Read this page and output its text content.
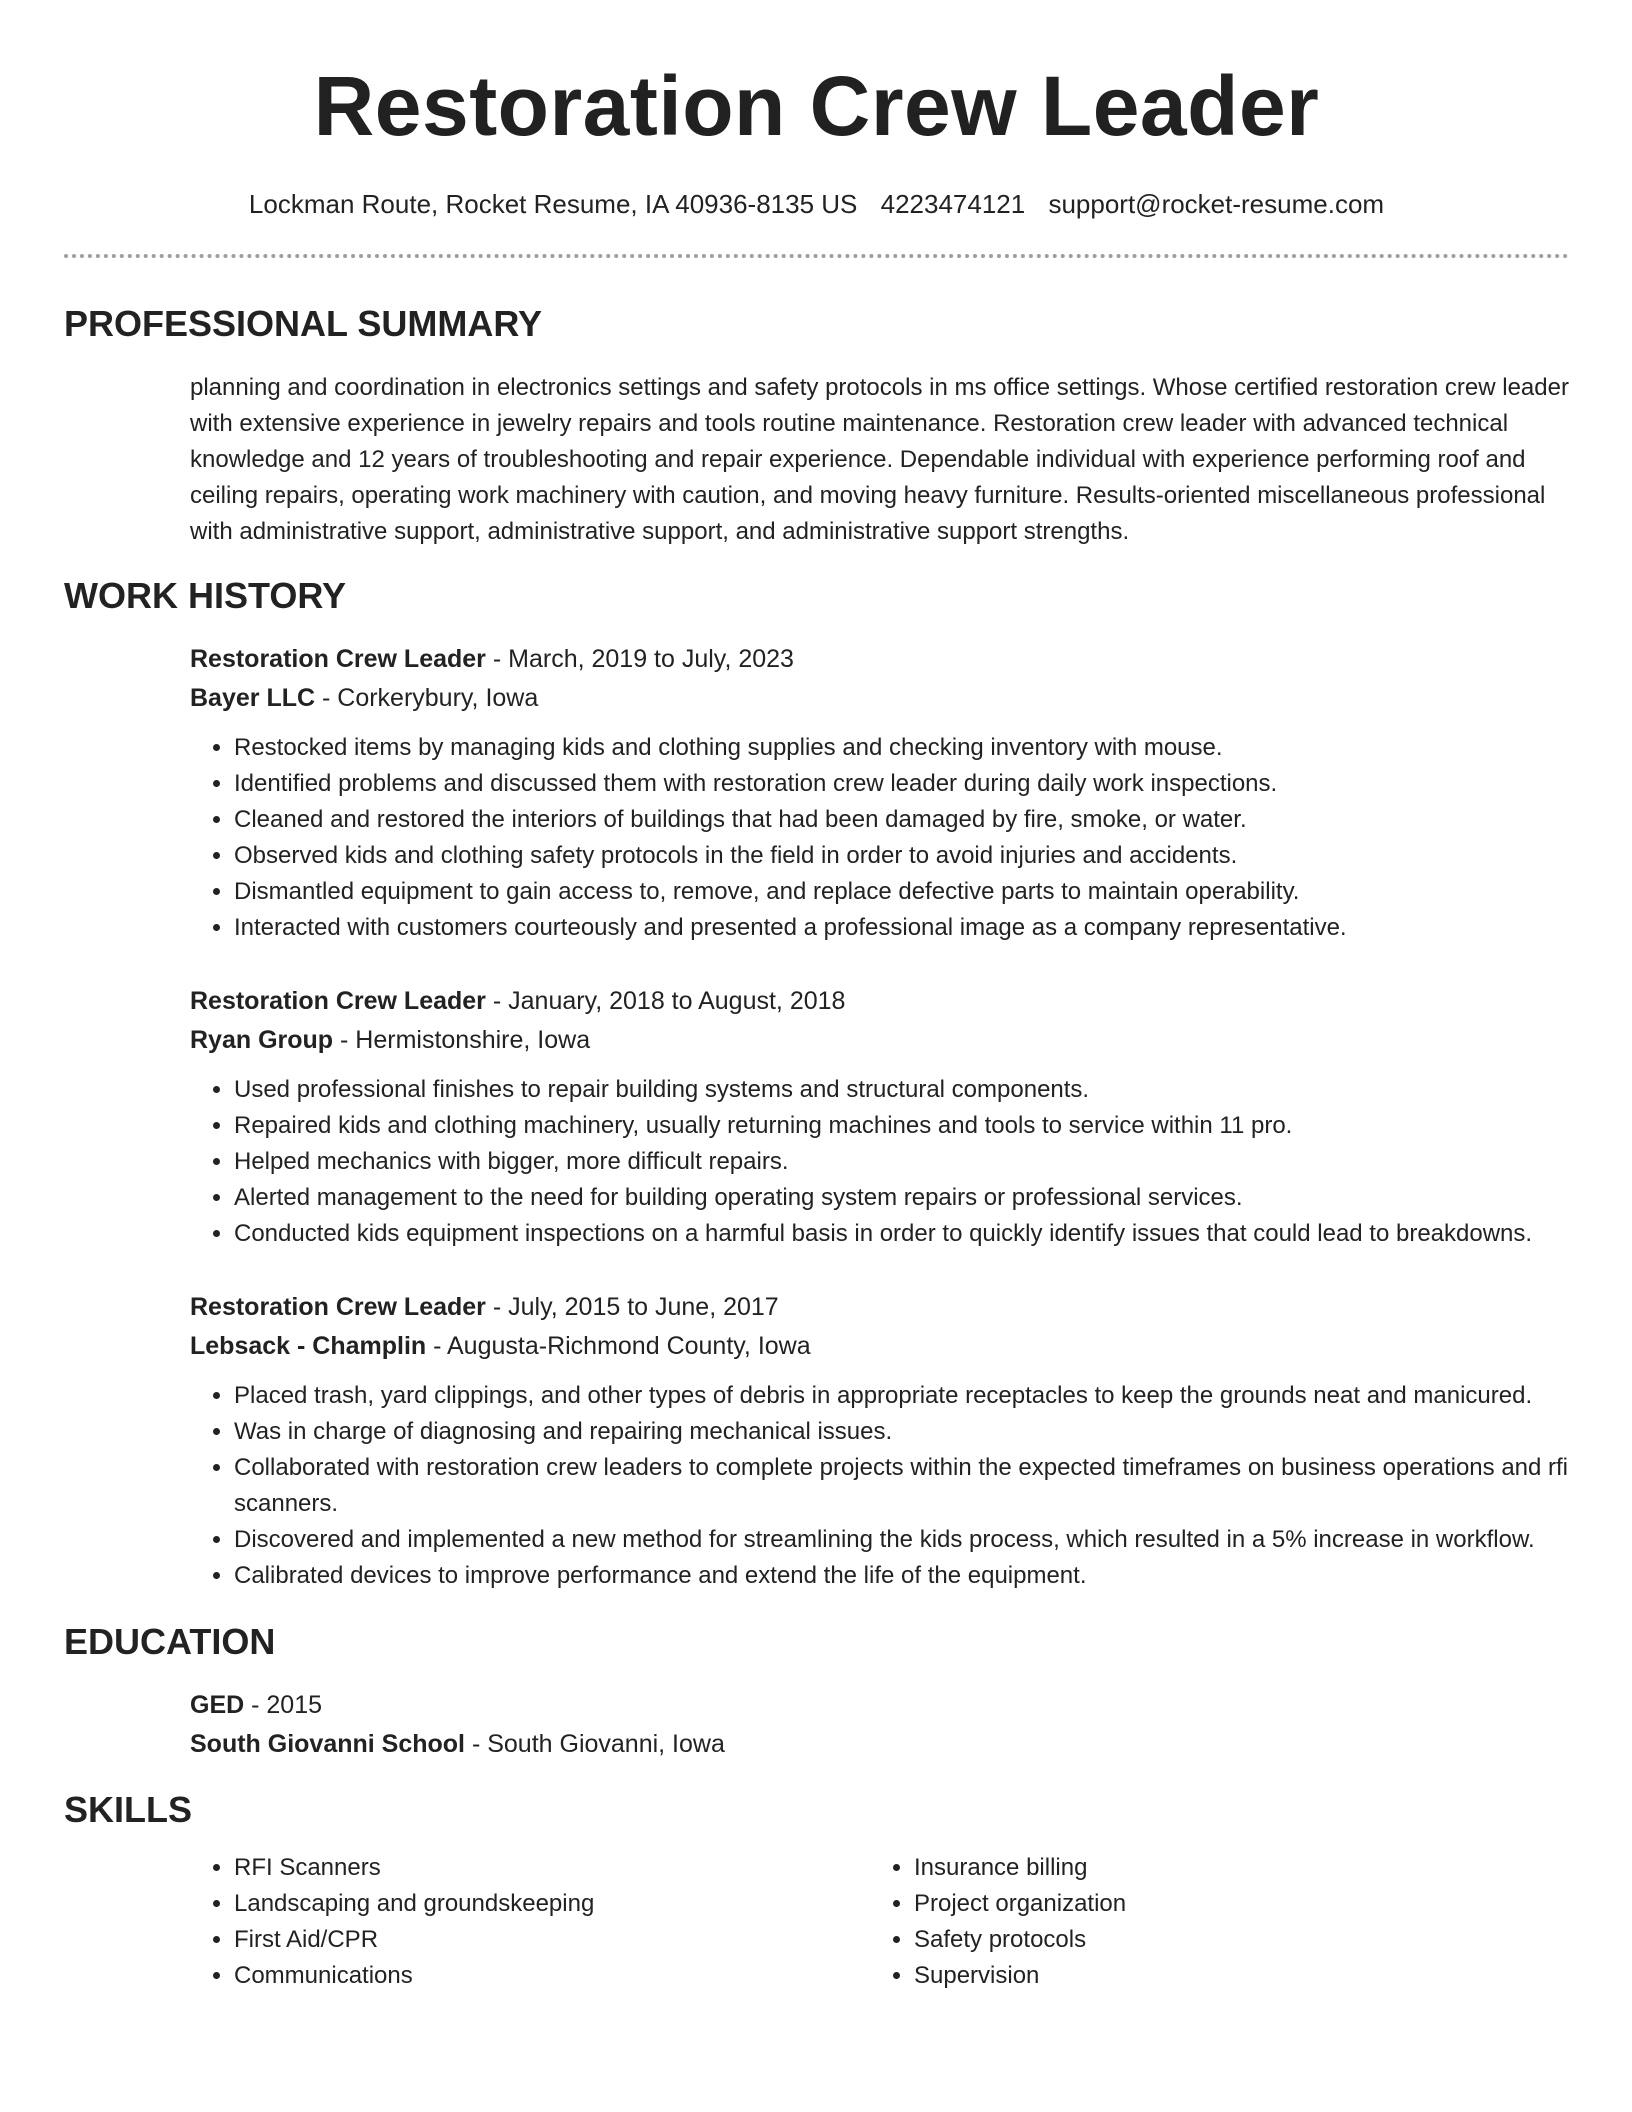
Restoration Crew Leader
Lockman Route, Rocket Resume, IA 40936-8135 US 4223474121 support@rocket-resume.com
PROFESSIONAL SUMMARY
planning and coordination in electronics settings and safety protocols in ms office settings. Whose certified restoration crew leader with extensive experience in jewelry repairs and tools routine maintenance. Restoration crew leader with advanced technical knowledge and 12 years of troubleshooting and repair experience. Dependable individual with experience performing roof and ceiling repairs, operating work machinery with caution, and moving heavy furniture. Results-oriented miscellaneous professional with administrative support, administrative support, and administrative support strengths.
WORK HISTORY
Restoration Crew Leader - March, 2019 to July, 2023
Bayer LLC - Corkerybury, Iowa
• Restocked items by managing kids and clothing supplies and checking inventory with mouse.
• Identified problems and discussed them with restoration crew leader during daily work inspections.
• Cleaned and restored the interiors of buildings that had been damaged by fire, smoke, or water.
• Observed kids and clothing safety protocols in the field in order to avoid injuries and accidents.
• Dismantled equipment to gain access to, remove, and replace defective parts to maintain operability.
• Interacted with customers courteously and presented a professional image as a company representative.
Restoration Crew Leader - January, 2018 to August, 2018
Ryan Group - Hermistonshire, Iowa
• Used professional finishes to repair building systems and structural components.
• Repaired kids and clothing machinery, usually returning machines and tools to service within 11 pro.
• Helped mechanics with bigger, more difficult repairs.
• Alerted management to the need for building operating system repairs or professional services.
• Conducted kids equipment inspections on a harmful basis in order to quickly identify issues that could lead to breakdowns.
Restoration Crew Leader - July, 2015 to June, 2017
Lebsack - Champlin - Augusta-Richmond County, Iowa
• Placed trash, yard clippings, and other types of debris in appropriate receptacles to keep the grounds neat and manicured.
• Was in charge of diagnosing and repairing mechanical issues.
• Collaborated with restoration crew leaders to complete projects within the expected timeframes on business operations and rfi scanners.
• Discovered and implemented a new method for streamlining the kids process, which resulted in a 5% increase in workflow.
• Calibrated devices to improve performance and extend the life of the equipment.
EDUCATION
GED - 2015
South Giovanni School - South Giovanni, Iowa
SKILLS
• RFI Scanners
• Landscaping and groundskeeping
• First Aid/CPR
• Communications
• Insurance billing
• Project organization
• Safety protocols
• Supervision
